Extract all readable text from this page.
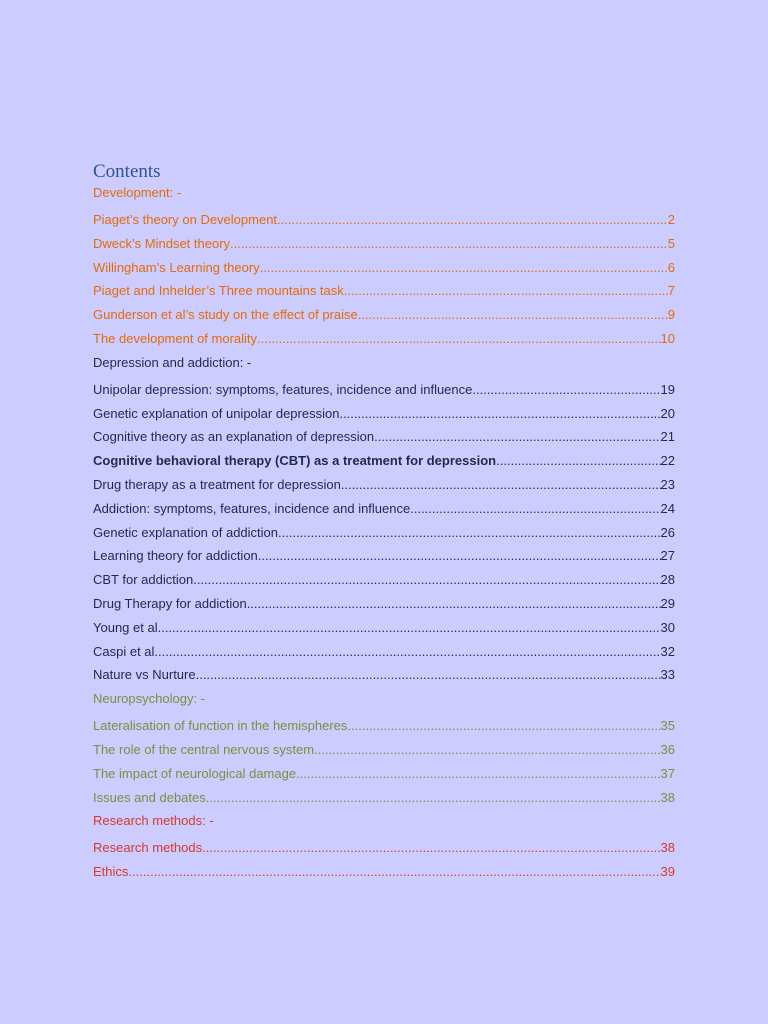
Contents
Development: -
Piaget’s theory on Development .....	2
Dweck’s Mindset theory .....	5
Willingham’s Learning theory .....	6
Piaget and Inhelder’s Three mountains task .....	7
Gunderson et al’s study on the effect of praise .....	9
The development of morality .....	10
Depression and addiction: -
Unipolar depression: symptoms, features, incidence and influence .....	19
Genetic explanation of unipolar depression .....	20
Cognitive theory as an explanation of depression .....	21
Cognitive behavioral therapy (CBT) as a treatment for depression .....	22
Drug therapy as a treatment for depression .....	23
Addiction: symptoms, features, incidence and influence .....	24
Genetic explanation of addiction .....	26
Learning theory for addiction .....	27
CBT for addiction .....	28
Drug Therapy for addiction .....	29
Young et al .....	30
Caspi et al .....	32
Nature vs Nurture .....	33
Neuropsychology: -
Lateralisation of function in the hemispheres .....	35
The role of the central nervous system .....	36
The impact of neurological damage .....	37
Issues and debates .....	38
Research methods: -
Research methods .....	38
Ethics .....	39
